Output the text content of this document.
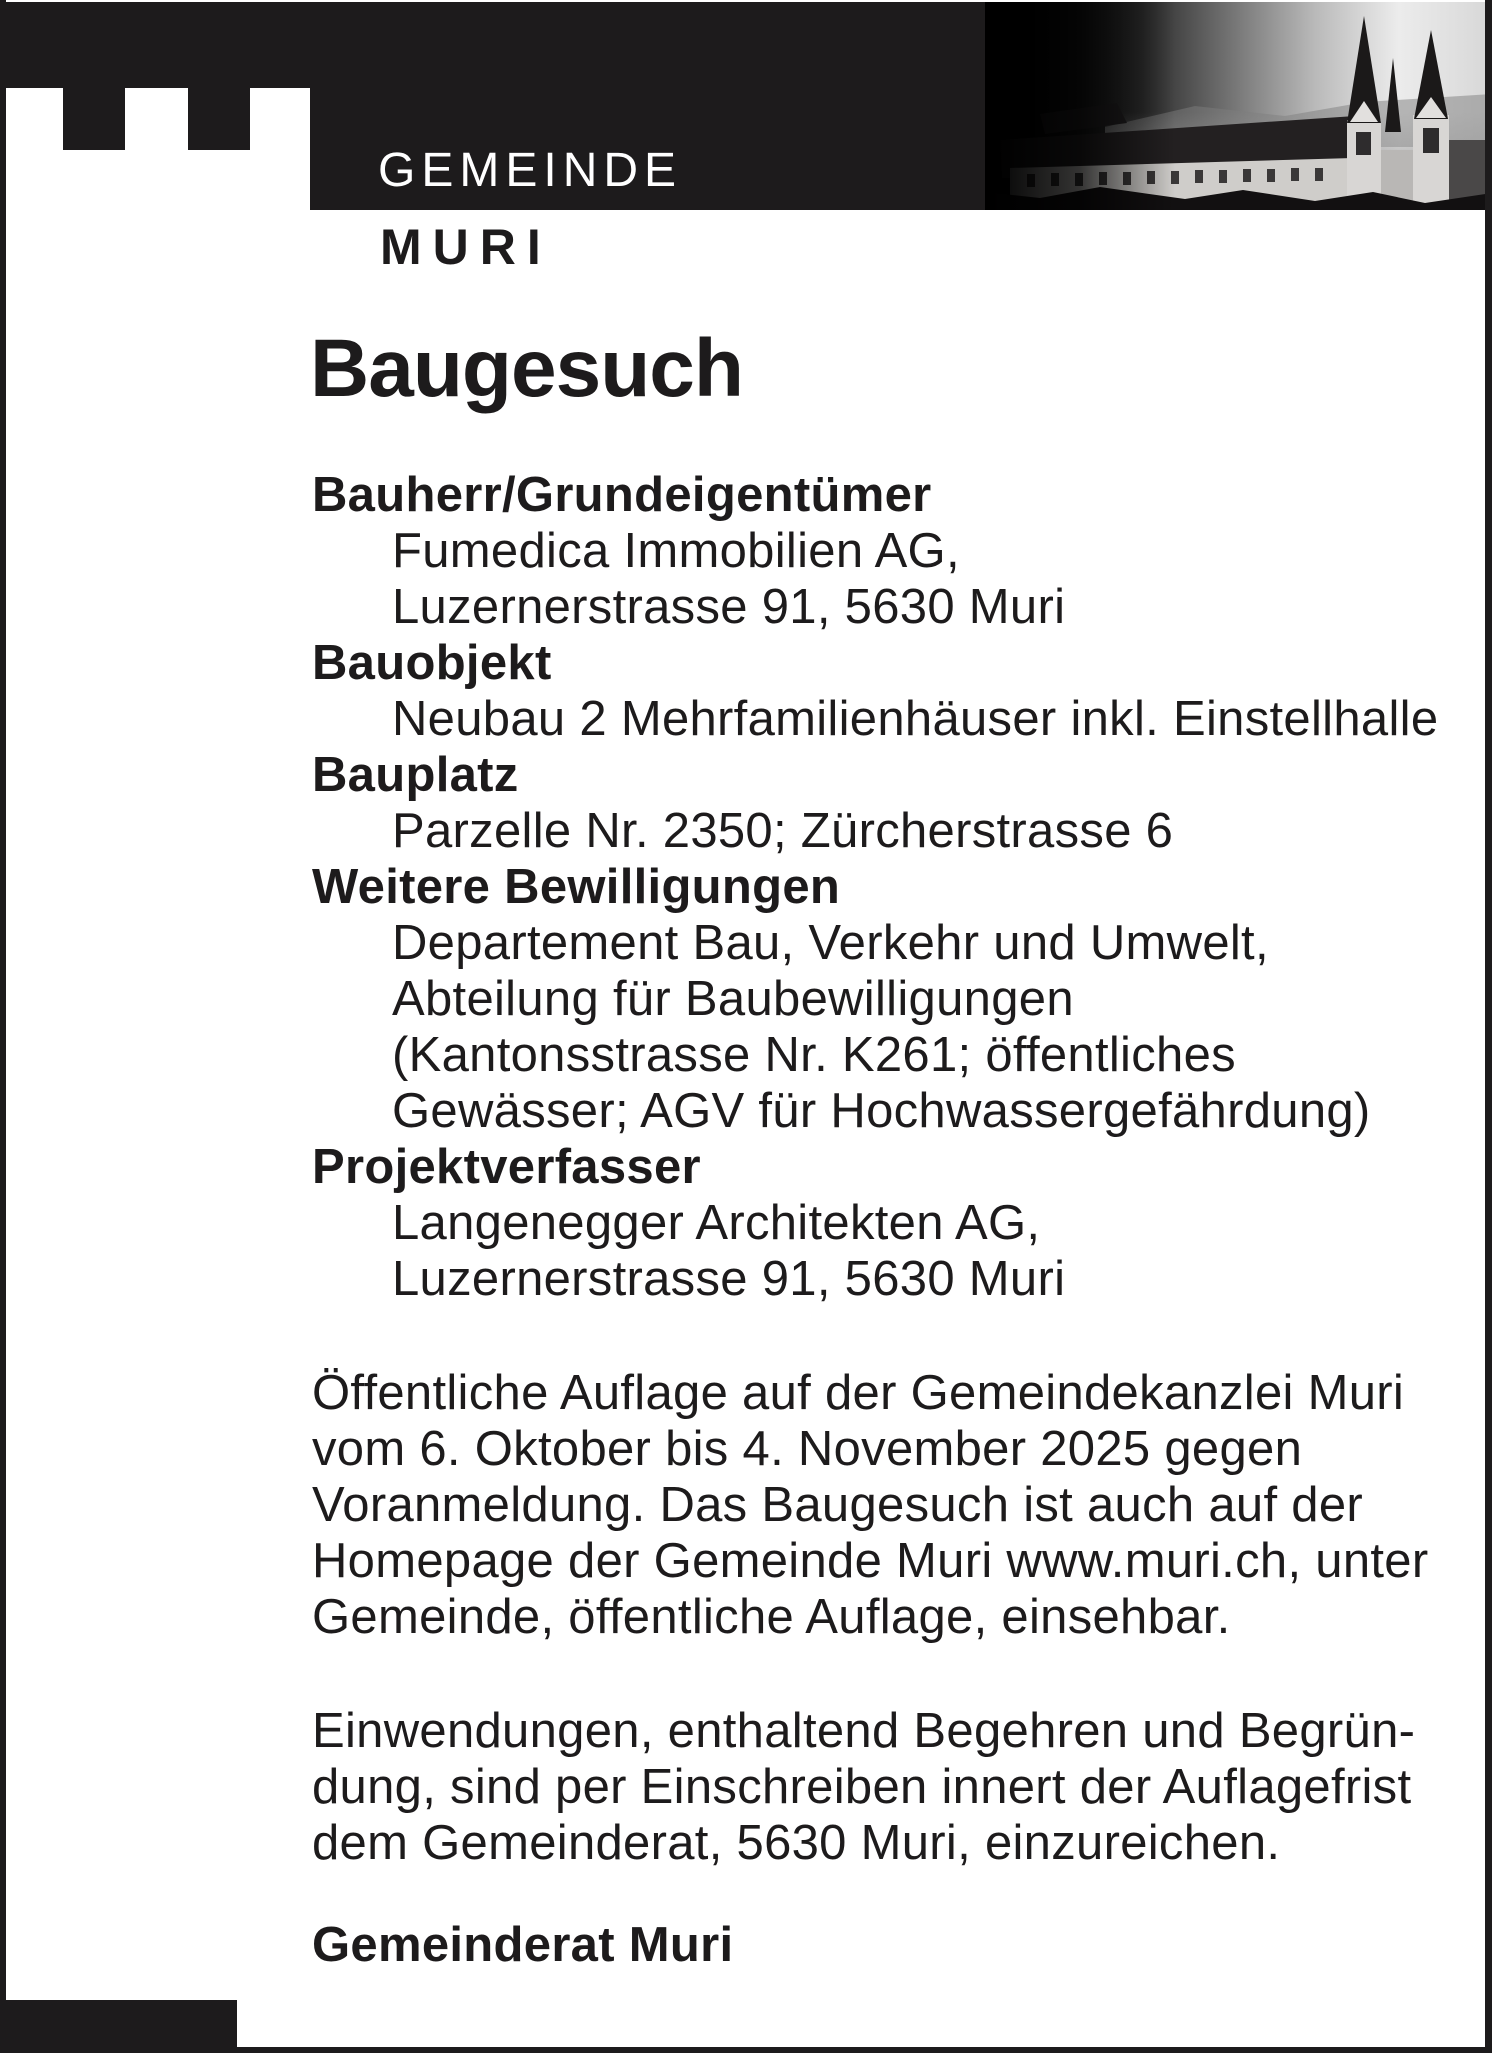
GEMEINDE
MURI
Baugesuch
Bauherr/Grundeigentümer
Fumedica Immobilien AG,
Luzernerstrasse 91, 5630 Muri
Bauobjekt
Neubau 2 Mehrfamilienhäuser inkl. Einstellhalle
Bauplatz
Parzelle Nr. 2350; Zürcherstrasse 6
Weitere Bewilligungen
Departement Bau, Verkehr und Umwelt,
Abteilung für Baubewilligungen
(Kantonsstrasse Nr. K261; öffentliches
Gewässer; AGV für Hochwassergefährdung)
Projektverfasser
Langenegger Architekten AG,
Luzernerstrasse 91, 5630 Muri
Öffentliche Auflage auf der Gemeindekanzlei Muri
vom 6. Oktober bis 4. November 2025 gegen
Voranmeldung. Das Baugesuch ist auch auf der
Homepage der Gemeinde Muri www.muri.ch, unter
Gemeinde, öffentliche Auflage, einsehbar.
Einwendungen, enthaltend Begehren und Begrün-
dung, sind per Einschreiben innert der Auflagefrist
dem Gemeinderat, 5630 Muri, einzureichen.
Gemeinderat Muri
